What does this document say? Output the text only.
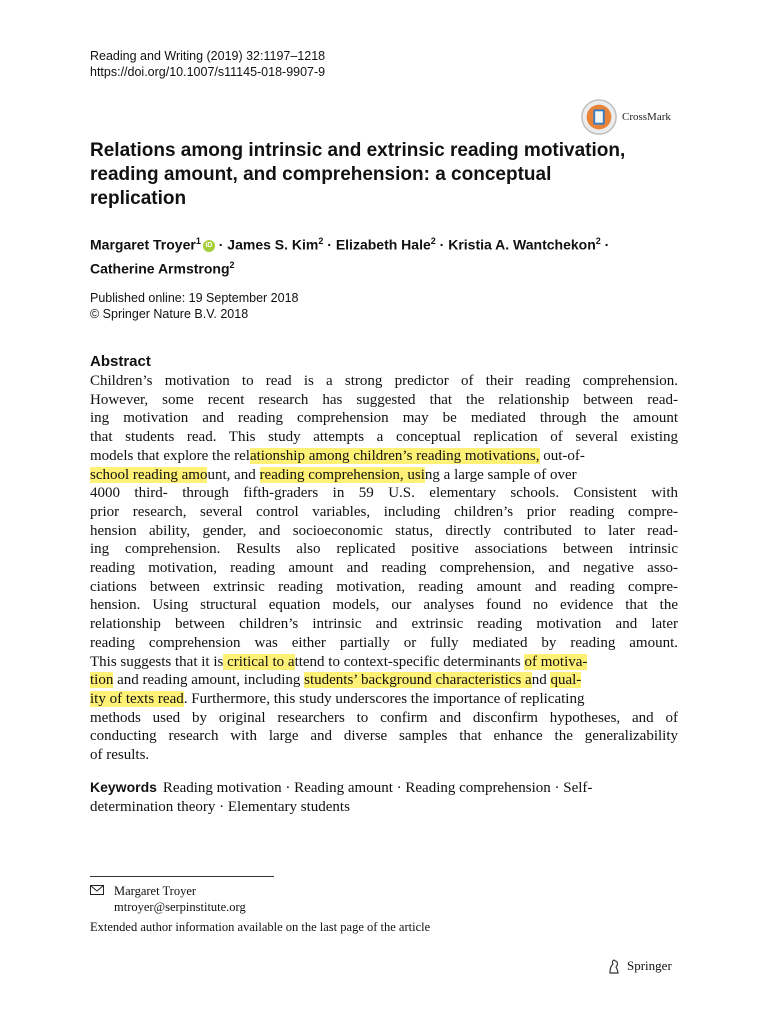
Reading and Writing (2019) 32:1197–1218
https://doi.org/10.1007/s11145-018-9907-9
CrossMark
Relations among intrinsic and extrinsic reading motivation,
reading amount, and comprehension: a conceptual
replication
Margaret Troyer$^1$ iD · James S. Kim$^2$ · Elizabeth Hale$^2$ · Kristia A. Wantchekon$^2$ ·
Catherine Armstrong$^2$
Published online: 19 September 2018
© Springer Nature B.V. 2018
Abstract
Children’s motivation to read is a strong predictor of their reading comprehension.
However, some recent research has suggested that the relationship between read-
ing motivation and reading comprehension may be mediated through the amount
that students read. This study attempts a conceptual replication of several existing
models that explore the relationship among children’s reading motivations, out-of-
school reading amount, and reading comprehension, using a large sample of over
4000 third- through fifth-graders in 59 U.S. elementary schools. Consistent with
prior research, several control variables, including children’s prior reading compre-
hension ability, gender, and socioeconomic status, directly contributed to later read-
ing comprehension. Results also replicated positive associations between intrinsic
reading motivation, reading amount and reading comprehension, and negative asso-
ciations between extrinsic reading motivation, reading amount and reading compre-
hension. Using structural equation models, our analyses found no evidence that the
relationship between children’s intrinsic and extrinsic reading motivation and later
reading comprehension was either partially or fully mediated by reading amount.
This suggests that it is critical to attend to context-specific determinants of motiva-
tion and reading amount, including students’ background characteristics and qual-
ity of texts read. Furthermore, this study underscores the importance of replicating
methods used by original researchers to confirm and disconfirm hypotheses, and of
conducting research with large and diverse samples that enhance the generalizability
of results.
Keywords Reading motivation · Reading amount · Reading comprehension · Self-
determination theory · Elementary students
Margaret Troyer
mtroyer@serpinstitute.org
Extended author information available on the last page of the article
Springer
